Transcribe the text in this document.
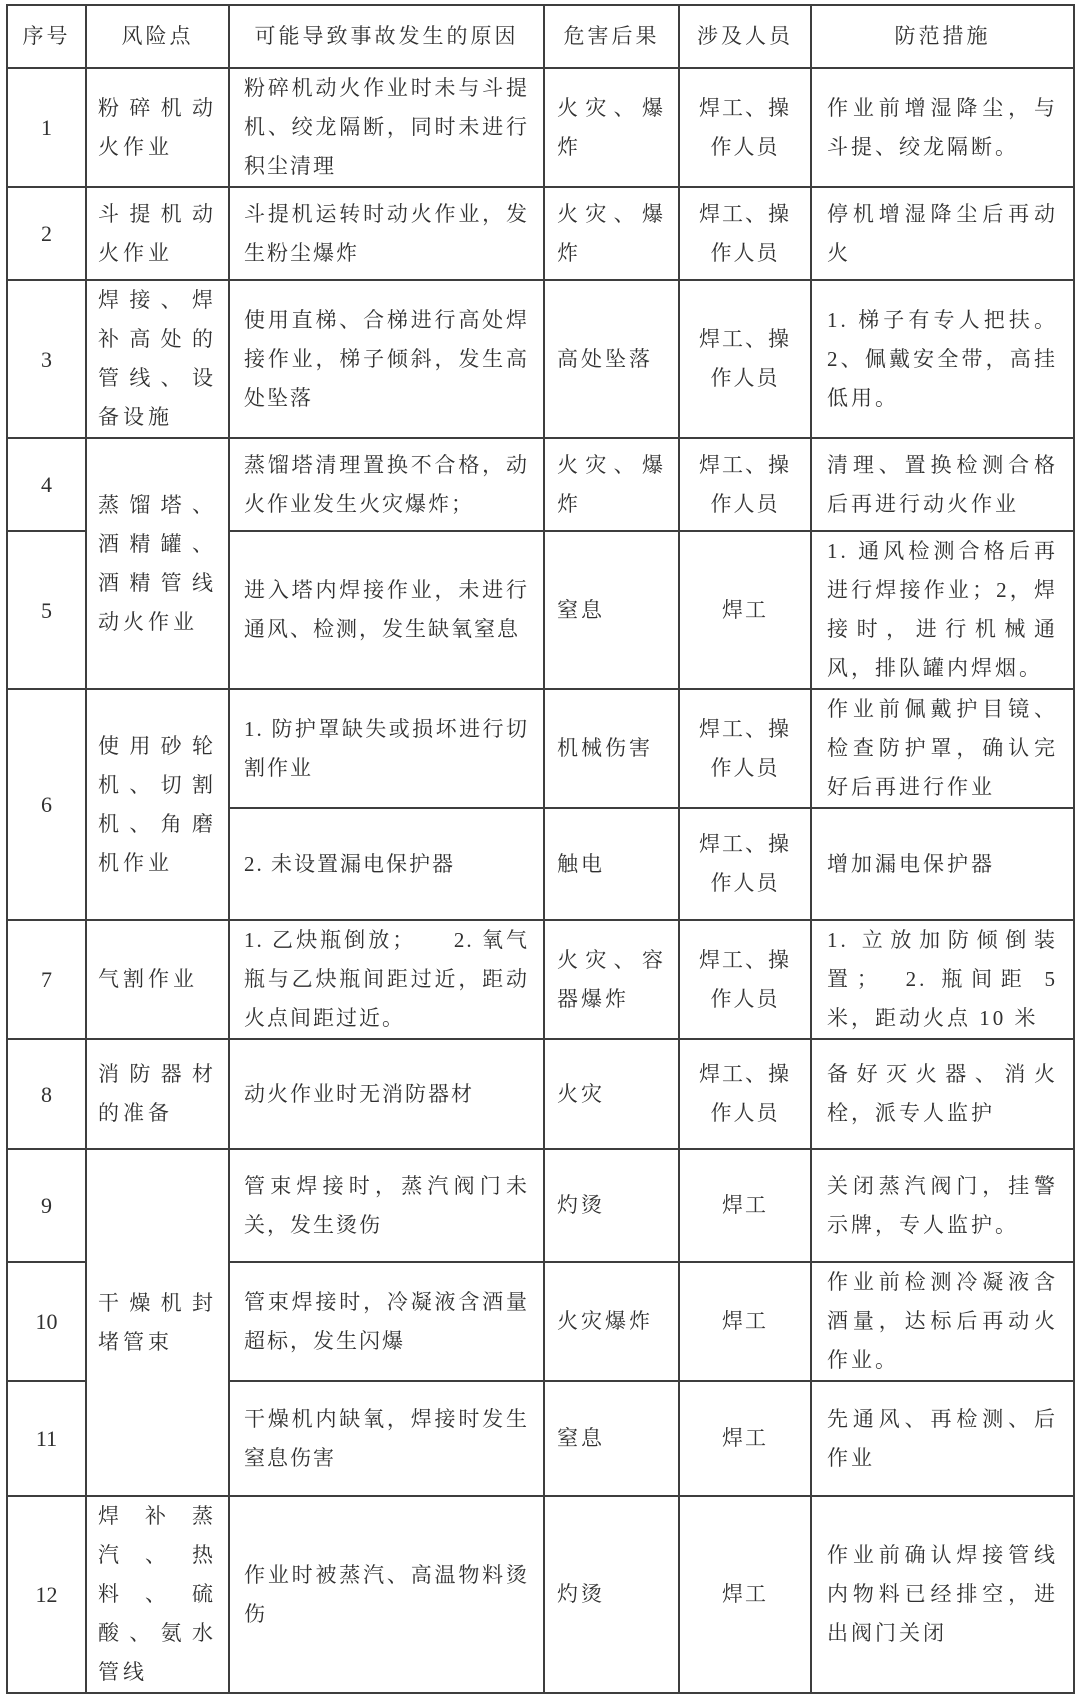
序号	风险点	可能导致事故发生的原因	危害后果	涉及人员	防范措施
1	粉碎机动火作业	粉碎机动火作业时未与斗提机、绞龙隔断，同时未进行积尘清理	火灾、爆炸	焊工、操作人员	作业前增湿降尘，与斗提、绞龙隔断。
2	斗提机动火作业	斗提机运转时动火作业，发生粉尘爆炸	火灾、爆炸	焊工、操作人员	停机增湿降尘后再动火
3	焊接、焊补高处的管线、设备设施	使用直梯、合梯进行高处焊接作业，梯子倾斜，发生高处坠落	高处坠落	焊工、操作人员	1. 梯子有专人把扶。2、佩戴安全带，高挂低用。
4	蒸馏塔、酒精罐、酒精管线动火作业	蒸馏塔清理置换不合格，动火作业发生火灾爆炸；	火灾、爆炸	焊工、操作人员	清理、置换检测合格后再进行动火作业
5		进入塔内焊接作业，未进行通风、检测，发生缺氧窒息	窒息	焊工	1. 通风检测合格后再进行焊接作业；2，焊接时，进行机械通风，排队罐内焊烟。
6	使用砂轮机、切割机、角磨机作业	1. 防护罩缺失或损坏进行切割作业	机械伤害	焊工、操作人员	作业前佩戴护目镜、检查防护罩，确认完好后再进行作业
		2. 未设置漏电保护器	触电	焊工、操作人员	增加漏电保护器
7	气割作业	1. 乙炔瓶倒放；　　2. 氧气瓶与乙炔瓶间距过近，距动火点间距过近。	火灾、容器爆炸	焊工、操作人员	1. 立放加防倾倒装置；　2. 瓶间距 5 米，距动火点 10 米
8	消防器材的准备	动火作业时无消防器材	火灾	焊工、操作人员	备好灭火器、消火栓，派专人监护
9	干燥机封堵管束	管束焊接时，蒸汽阀门未关，发生烫伤	灼烫	焊工	关闭蒸汽阀门，挂警示牌，专人监护。
10		管束焊接时，冷凝液含酒量超标，发生闪爆	火灾爆炸	焊工	作业前检测冷凝液含酒量，达标后再动火作业。
11		干燥机内缺氧，焊接时发生窒息伤害	窒息	焊工	先通风、再检测、后作业
12	焊补蒸汽、热料、硫酸、氨水管线	作业时被蒸汽、高温物料烫伤	灼烫	焊工	作业前确认焊接管线内物料已经排空，进出阀门关闭
